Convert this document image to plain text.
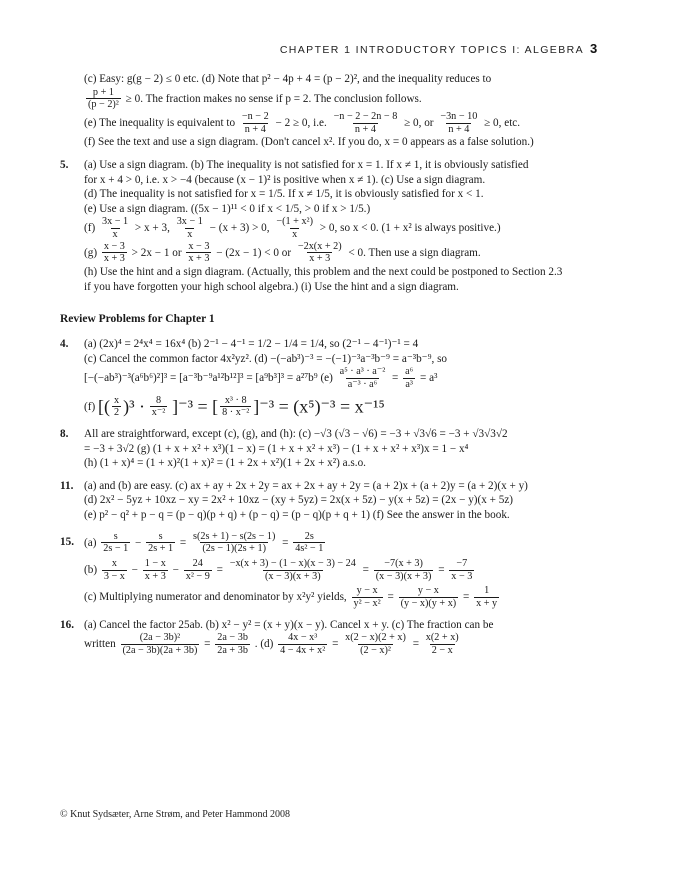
CHAPTER 1 INTRODUCTORY TOPICS I: ALGEBRA 3
(c) Easy: g(g − 2) ≤ 0 etc. (d) Note that p² − 4p + 4 = (p − 2)², and the inequality reduces to
$\frac{p + 1}{\text{(p − 2)²}} \ge 0$. The fraction makes no sense if p = 2. The conclusion follows.
(e) The inequality is equivalent to $\frac{-n - 2}{n + 4} - 2 \ge 0$, i.e. $\frac{-n - 2 - 2n - 8}{n + 4} \ge 0$, or $\frac{-3n - 10}{n + 4} \ge 0$, etc.
(f) See the text and use a sign diagram. (Don't cancel x². If you do, x = 0 appears as a false solution.)
5. (a) Use a sign diagram. (b) The inequality is not satisfied for x = 1. If x ≠ 1, it is obviously satisfied
for x + 4 > 0, i.e. x > −4 (because (x − 1)² is positive when x ≠ 1). (c) Use a sign diagram.
(d) The inequality is not satisfied for x = 1/5. If x ≠ 1/5, it is obviously satisfied for x < 1.
(e) Use a sign diagram. ((5x − 1)¹¹ < 0 if x < 1/5, > 0 if x > 1/5.)
$(f) \frac{3x - 1}{x} > x + 3$, $\frac{3x - 1}{x} - (x + 3) > 0$, $\frac{\text{−(1 + x²)}}{x} > 0$, so x < 0. (1 + x² is always positive.)
$(g) \frac{x - 3}{x + 3} > 2x - 1$ or $\frac{x - 3}{x + 3} - (2x - 1) < 0$ or $\frac{-2x(x + 2)}{x + 3} < 0$. Then use a sign diagram.
(h) Use the hint and a sign diagram. (Actually, this problem and the next could be postponed to Section 2.3
if you have forgotten your high school algebra.) (i) Use the hint and a sign diagram.
Review Problems for Chapter 1
4. (a) (2x)⁴ = 2⁴x⁴ = 16x⁴ (b) 2⁻¹ − 4⁻¹ = 1/2 − 1/4 = 1/4, so (2⁻¹ − 4⁻¹)⁻¹ = 4
(c) Cancel the common factor 4x²yz². (d) −(−ab³)⁻³ = −(−1)⁻³a⁻³b⁻⁹ = a⁻³b⁻⁹, so
[−(−ab³)⁻³(a⁶b⁶)²]³ = [a⁻³b⁻⁹a¹²b¹²]³ = [a⁹b³]³ = a²⁷b⁹ $(e) \frac{\text{a⁵ · a³ · a⁻²}}{\text{a⁻³ · a⁶}} = \frac{\text{a⁶}}{\text{a³}} = a^3$
(f) [( $\frac{x}{2} )^3 \cdot \frac{8}{\text{x⁻²}} ]^{-3}$ = [ $\frac{\text{x³ · 8}}{\text{8 · x⁻²}} ]^{-3} = (x^5)^{-3} = x^{-15}$
8. All are straightforward, except (c), (g), and (h): (c) −√3 (√3 − √6) = −3 + √3√6 = −3 + √3√3√2
= −3 + 3√2 (g) (1 + x + x² + x³)(1 − x) = (1 + x + x² + x³) − (1 + x + x² + x³)x = 1 − x⁴
(h) (1 + x)⁴ = (1 + x)²(1 + x)² = (1 + 2x + x²)(1 + 2x + x²) a.s.o.
11. (a) and (b) are easy. (c) ax + ay + 2x + 2y = ax + 2x + ay + 2y = (a + 2)x + (a + 2)y = (a + 2)(x + y)
(d) 2x² − 5yz + 10xz − xy = 2x² + 10xz − (xy + 5yz) = 2x(x + 5z) − y(x + 5z) = (2x − y)(x + 5z)
(e) p² − q² + p − q = (p − q)(p + q) + (p − q) = (p − q)(p + q + 1) (f) See the answer in the book.
15. $(a) \frac{s}{2s - 1} - \frac{s}{2s + 1} = \frac{s(2s + 1) - s(2s - 1)}{(2s - 1)(2s + 1)} = \frac{2s}{\text{4s² − 1}}$
$(b) \frac{x}{3 - x} - \frac{1 - x}{x + 3} - \frac{24}{\text{x² − 9}} = \frac{-x(x + 3) - (1 - x)(x - 3) - 24}{(x - 3)(x + 3)} = \frac{-7(x + 3)}{(x - 3)(x + 3)} = \frac{-7}{x - 3}$
(c) Multiplying numerator and denominator by x²y² yields, $\frac{y - x}{\text{y² − x²}} = \frac{y - x}{(y - x)(y + x)} = \frac{1}{x + y}$
16. (a) Cancel the factor 25ab. (b) x² − y² = (x + y)(x − y). Cancel x + y. (c) The fraction can be
written $\frac{\text{(2a − 3b)²}}{(2a - 3b)(2a + 3b)} = \frac{2a - 3b}{2a + 3b}$ . $(d) \frac{\text{4x − x³}}{\text{4 − 4x + x²}} = \frac{x(2 - x)(2 + x)}{\text{(2 − x)²}} = \frac{x(2 + x)}{2 - x}$
© Knut Sydsæter, Arne Strøm, and Peter Hammond 2008
